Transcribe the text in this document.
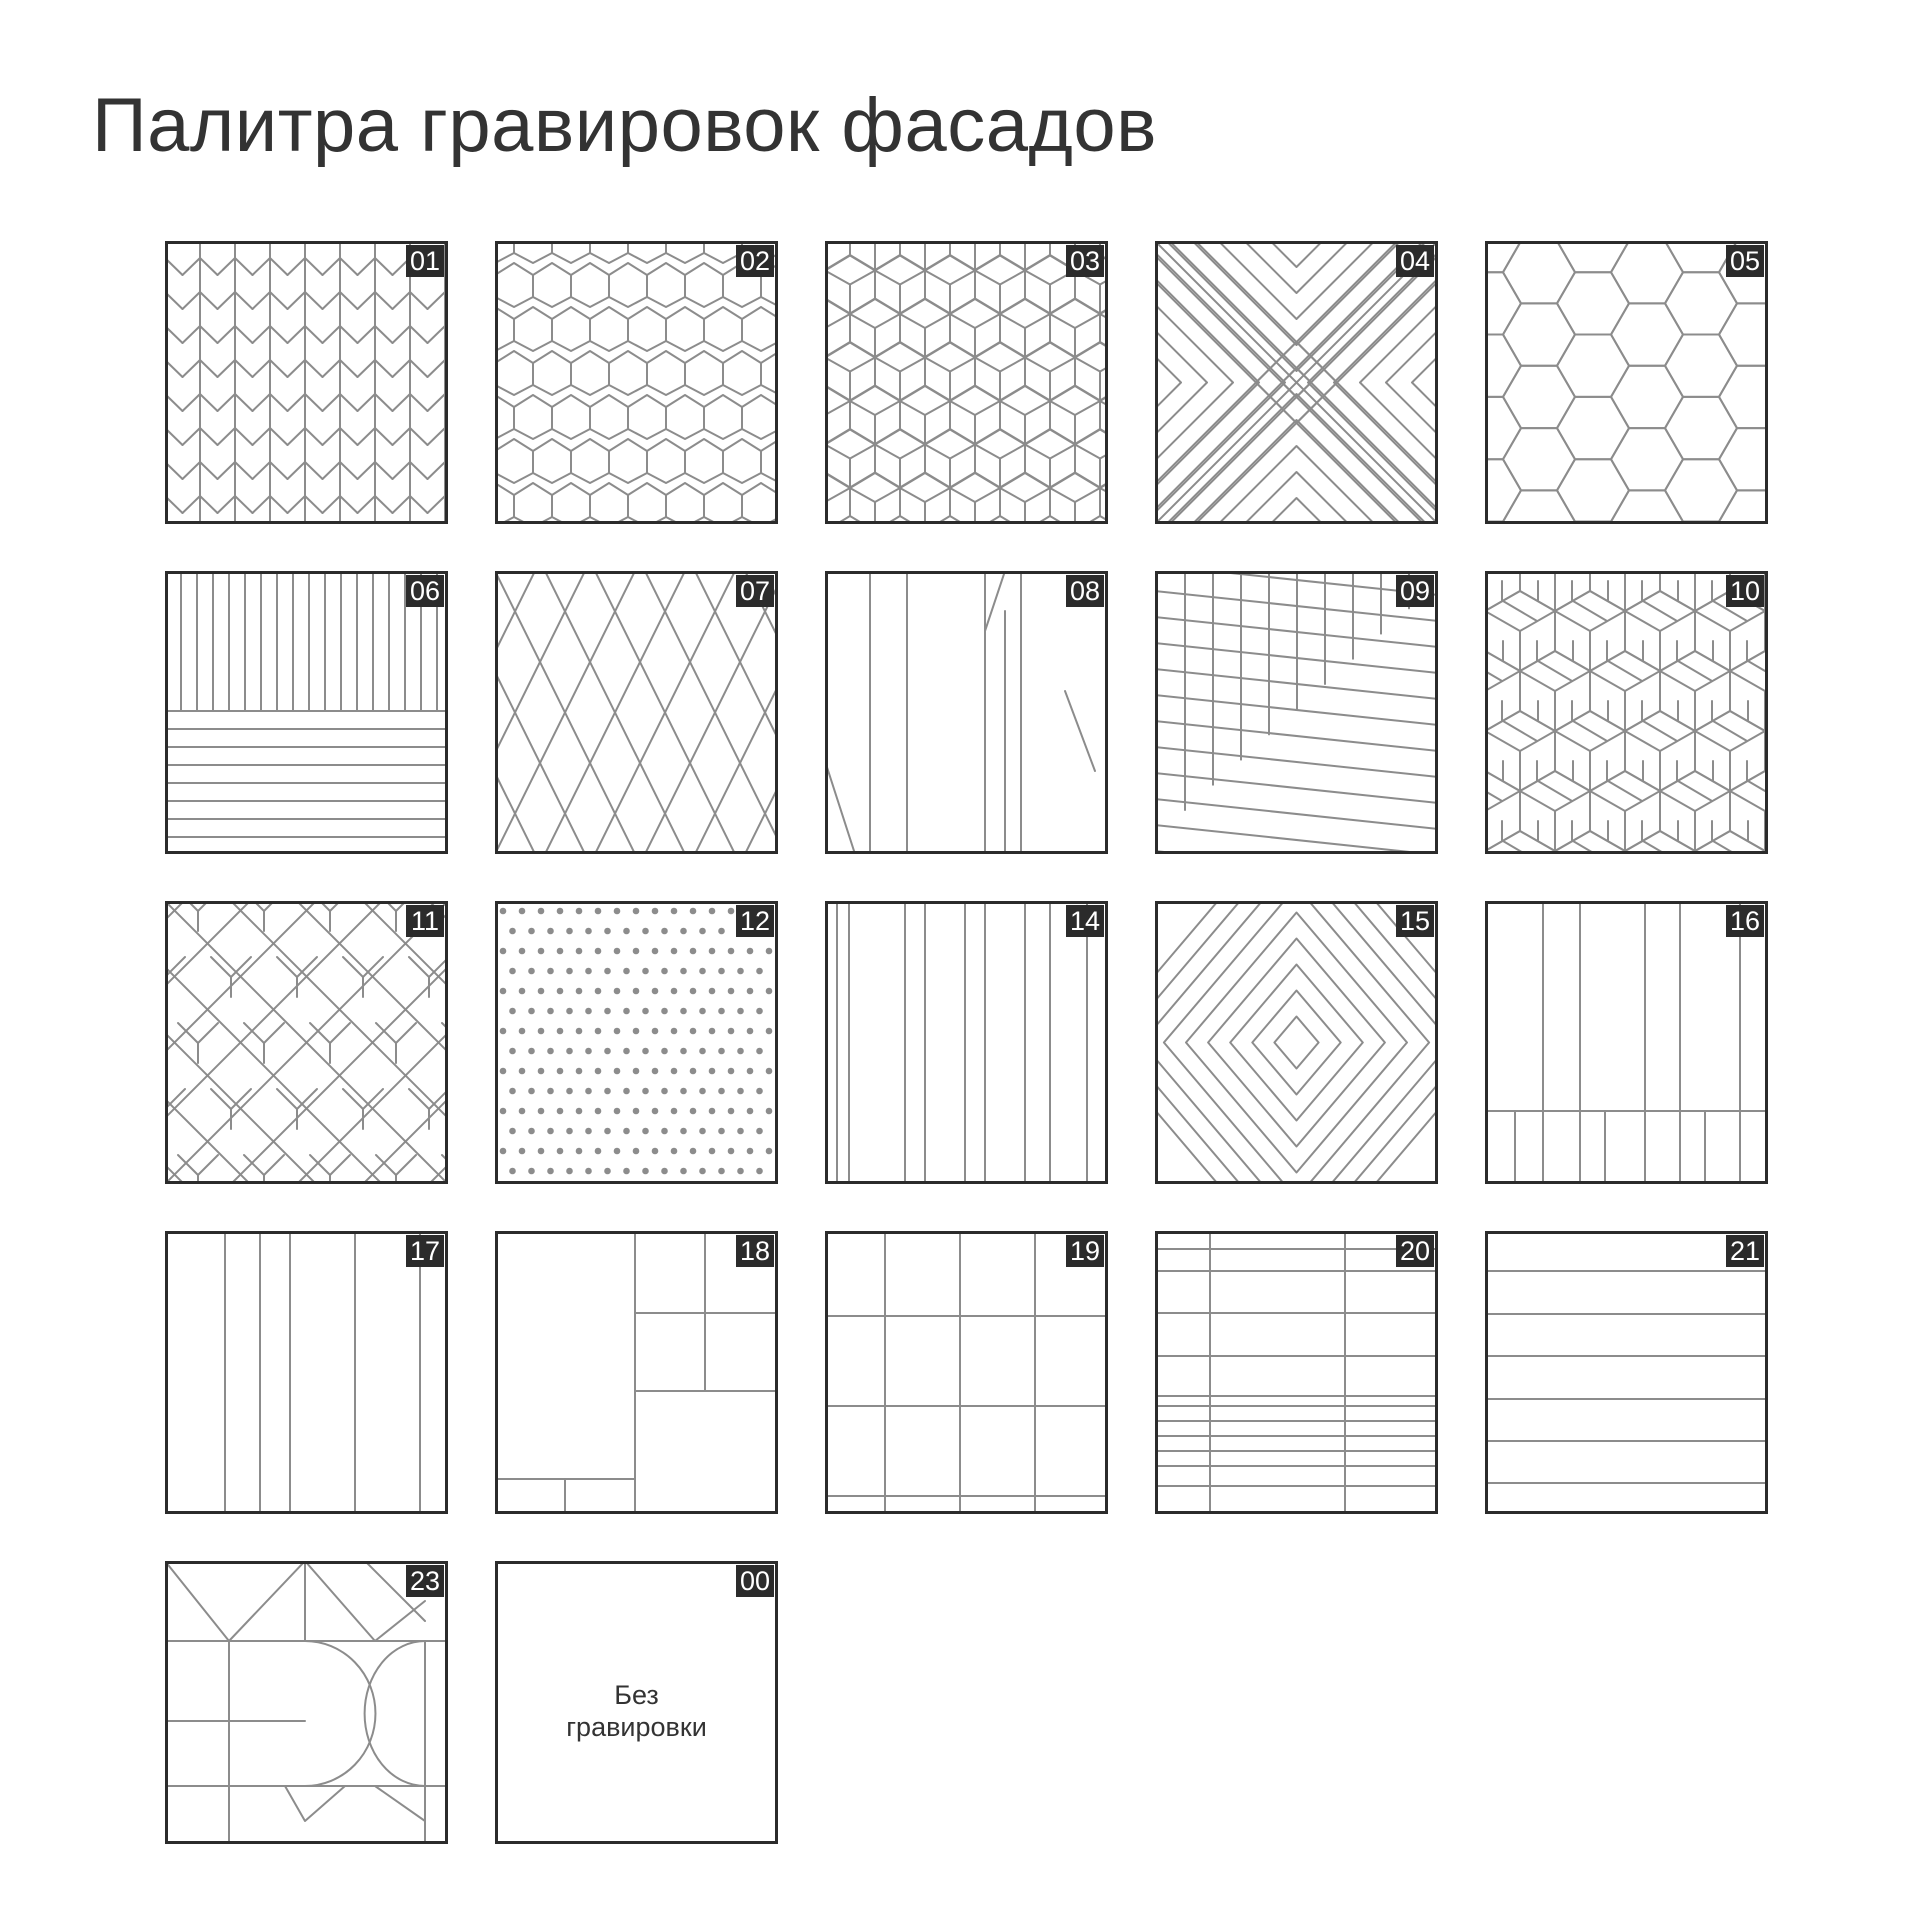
Палитра гравировок фасадов
01	02	03	04	05
06	07	08	09	10
11	12	14	15	16
17	18	19	20	21
23	00
Без
гравировки
